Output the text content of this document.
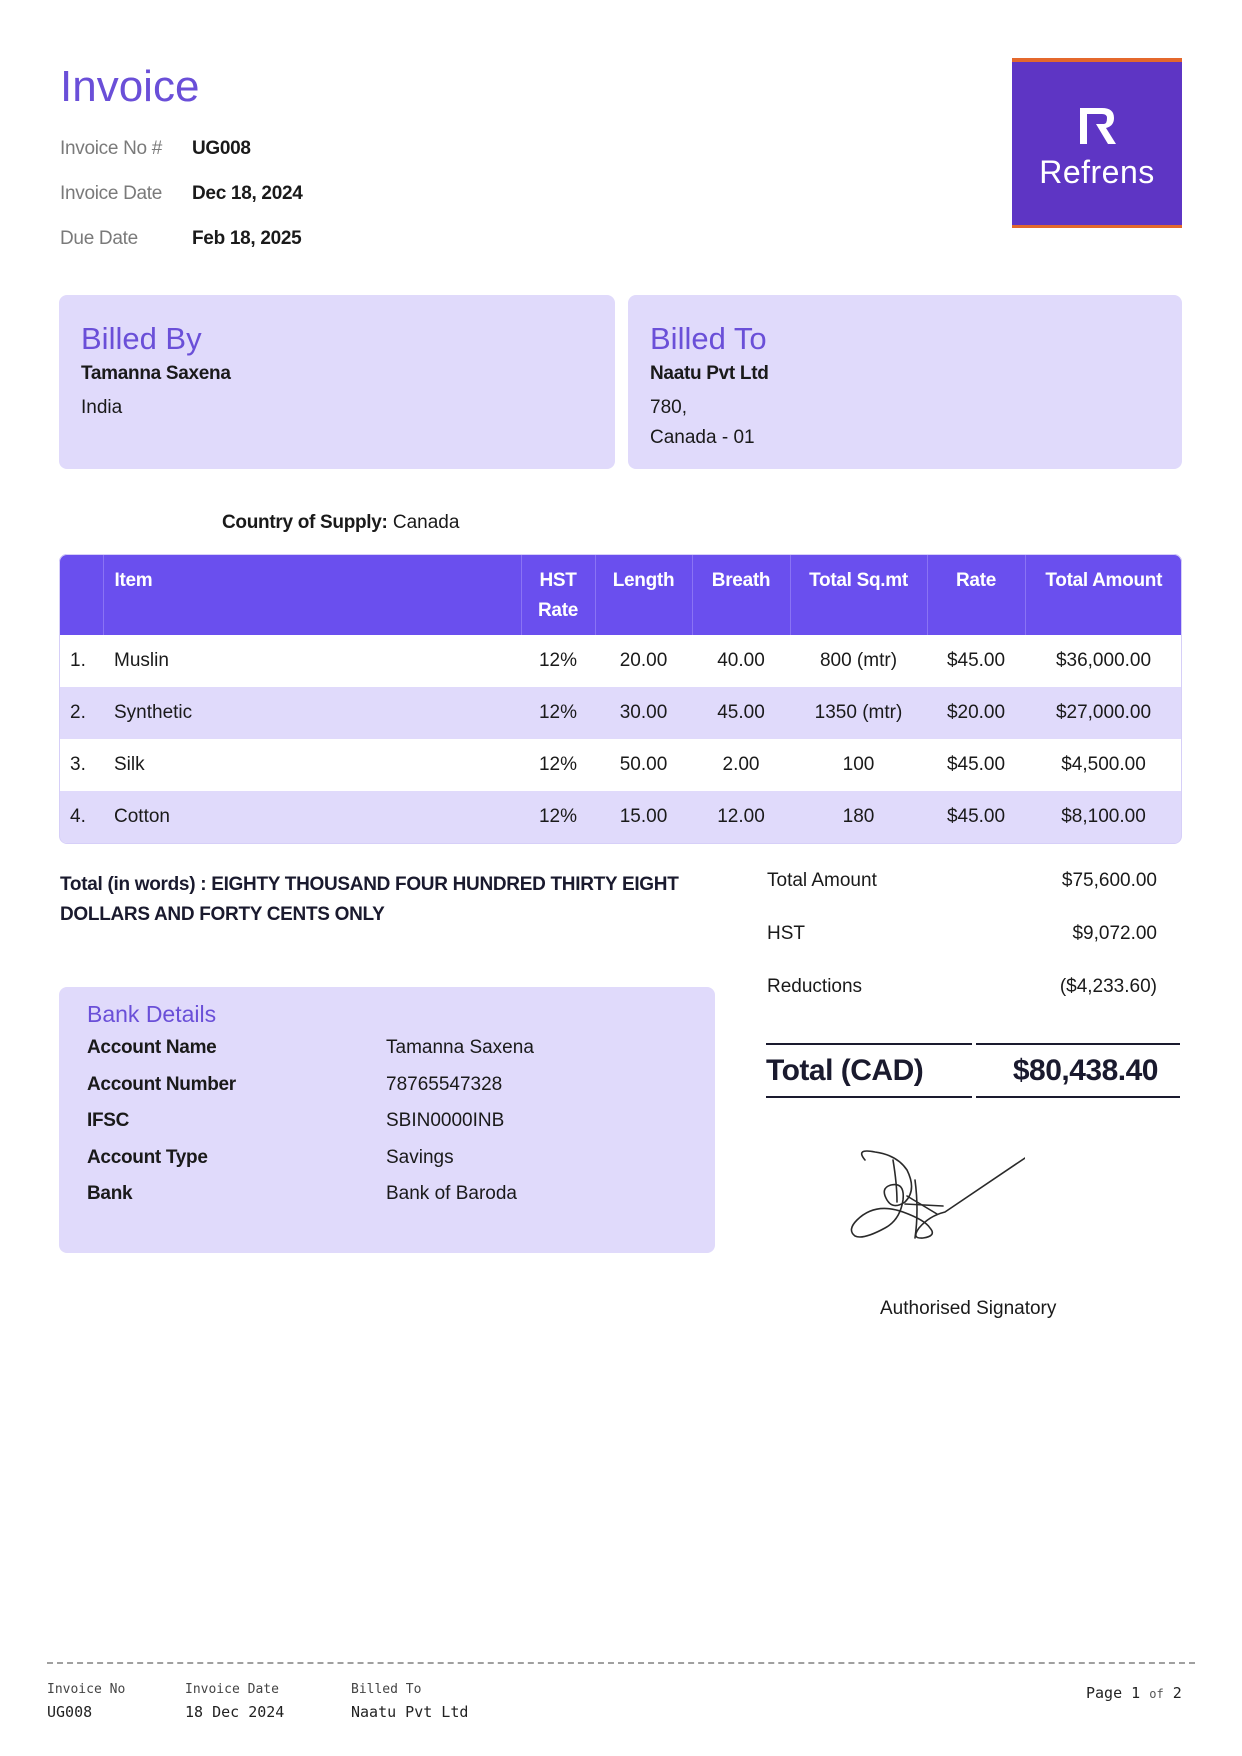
Invoice
Invoice No #	UG008
Invoice Date	Dec 18, 2024
Due Date	Feb 18, 2025
Refrens
Billed By
Tamanna Saxena
India
Billed To
Naatu Pvt Ltd
780,
Canada - 01
Country of Supply: Canada
	Item	HST Rate	Length	Breath	Total Sq.mt	Rate	Total Amount
1.	Muslin	12%	20.00	40.00	800 (mtr)	$45.00	$36,000.00
2.	Synthetic	12%	30.00	45.00	1350 (mtr)	$20.00	$27,000.00
3.	Silk	12%	50.00	2.00	100	$45.00	$4,500.00
4.	Cotton	12%	15.00	12.00	180	$45.00	$8,100.00
Total (in words) : EIGHTY THOUSAND FOUR HUNDRED THIRTY EIGHT DOLLARS AND FORTY CENTS ONLY
Bank Details
Account Name	Tamanna Saxena
Account Number	78765547328
IFSC	SBIN0000INB
Account Type	Savings
Bank	Bank of Baroda
Total Amount	$75,600.00
HST	$9,072.00
Reductions	($4,233.60)
Total (CAD)	$80,438.40
Authorised Signatory
Invoice No
UG008
Invoice Date
18 Dec 2024
Billed To
Naatu Pvt Ltd
Page 1 of 2
